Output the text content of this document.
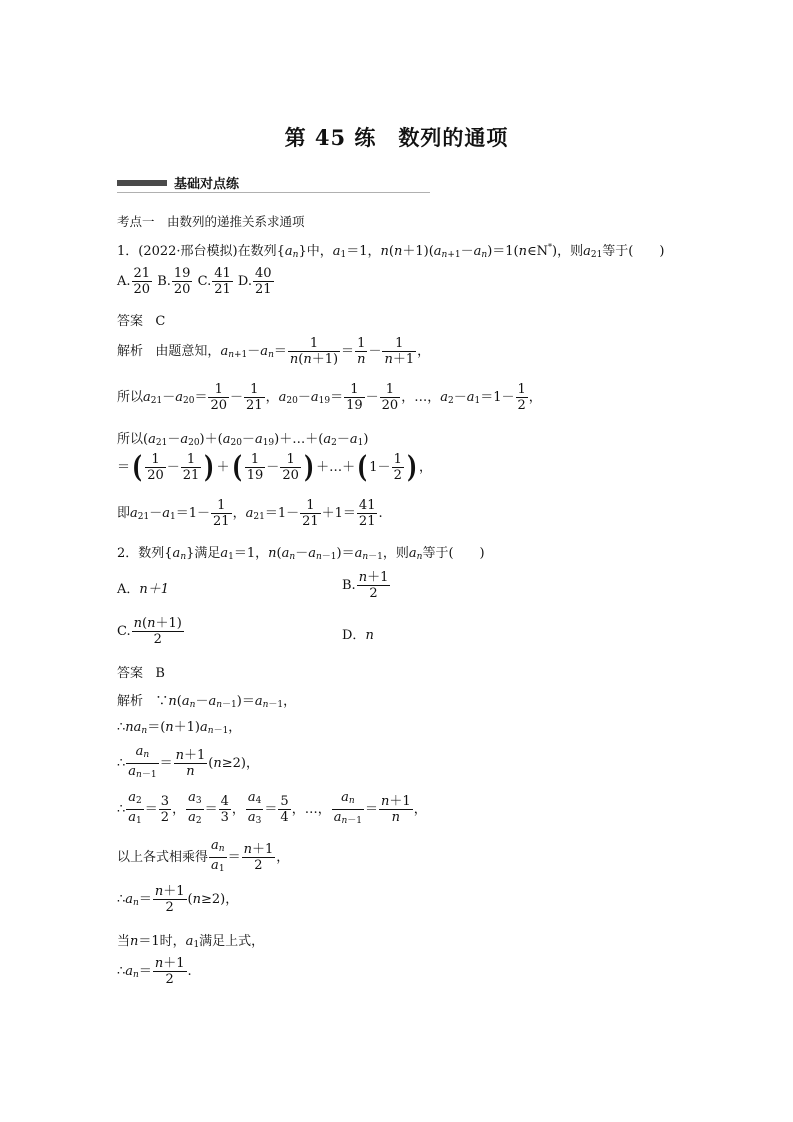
第 45 练　数列的通项
基础对点练
考点一　由数列的递推关系求通项
1．(2022·邢台模拟)在数列$\{a_n\}$中，$a_1=1$，$n(n+1)(a_{n+1}-a_n)=1(n\in N^*)$，则$a_{21}$等于(　　)
A. $\frac{21}{20} B$. $\frac{19}{20} C$. $\frac{41}{21} D$. $\frac{40}{21}$
答案 C
解析 由题意知，$a_{n+1}-a_n= \frac{1}{n(n+1)} = \frac{1}{n} - \frac{1}{n+1}$ ，
所以$a_{21}-a_{20}= \frac{1}{20} - \frac{1}{21}$ ，$a_{20}-a_{19}= \frac{1}{19} - \frac{1}{20}$ ，…，$a_2-a_1=1- \frac{1}{2}$ ，
所以$(a_{21}-a_{20})+(a_{20}-a_{19})+\dots+(a_2-a_1)$
＝( $\frac{1}{20} - \frac{1}{21}$ ) ＋( $\frac{1}{19} - \frac{1}{20}$ ) ＋…＋( $1- \frac{1}{2}$ ) ，
即$a_{21}-a_1=1- \frac{1}{21}$ ，$a_{21}=1- \frac{1}{21} +1= \frac{41}{21}$ .
2．数列$\{a_n\}$满足$a_1=1$，$n(a_n-a_{n-1})=a_{n-1}$，则$a_n$等于(　　)
A．n＋1	B. $\frac{n+1}{2}$
C. $\frac{n(n+1)}{2}$	D．n
答案 B
解析   $\because n(a_n-a_{n-1})=a_{n-1}$，
$\therefore na_n=(n+1)a_{n-1}$，
∴ $\frac{a_n}{a_{n-1}} = \frac{n+1}{n} (n\ge 2)$，
∴ $\frac{a_2}{a_1} = \frac{3}{2}$ ， $\frac{a_3}{a_2} = \frac{4}{3}$ ， $\frac{a_4}{a_3} = \frac{5}{4}$ ，…， $\frac{a_n}{a_{n-1}} = \frac{n+1}{n}$ ，
以上各式相乘得 $\frac{a_n}{a_1} = \frac{n+1}{2}$ ，
$\therefore a_n= \frac{n+1}{2} (n\ge 2)$，
当n＝1时，$a_1$满足上式，
$\therefore a_n= \frac{n+1}{2}$ .
